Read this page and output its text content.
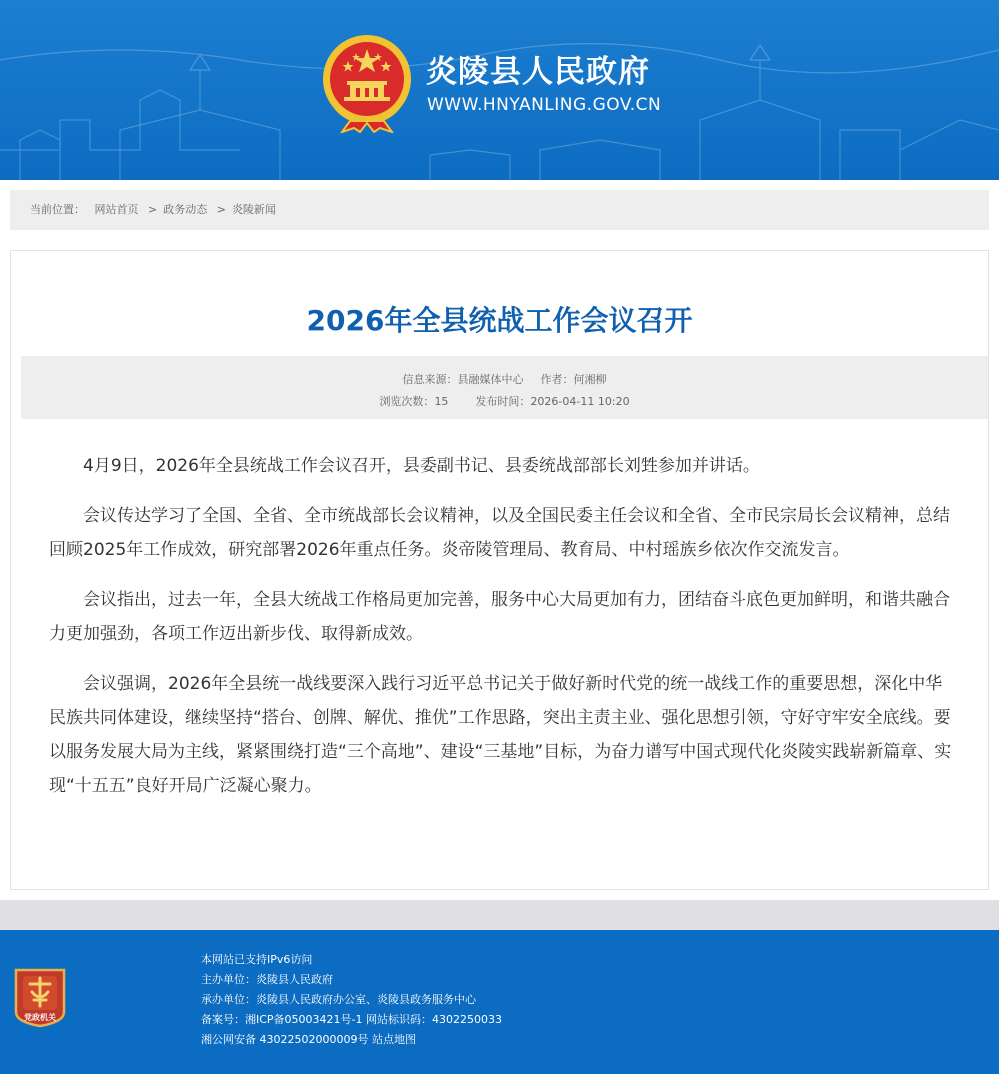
炎陵县人民政府
WWW.HNYANLING.GOV.CN
当前位置： 网站首页 > 政务动态 > 炎陵新闻
2026年全县统战工作会议召开
信息来源：县融媒体中心 作者：何湘柳
浏览次数：15 发布时间：2026-04-11 10:20

4月9日，2026年全县统战工作会议召开，县委副书记、县委统战部部长刘甡参加并讲话。

会议传达学习了全国、全省、全市统战部长会议精神，以及全国民委主任会议和全省、全市民宗局长会议精神，总结回顾2025年工作成效，研究部署2026年重点任务。炎帝陵管理局、教育局、中村瑶族乡依次作交流发言。

会议指出，过去一年，全县大统战工作格局更加完善，服务中心大局更加有力，团结奋斗底色更加鲜明，和谐共融合力更加强劲，各项工作迈出新步伐、取得新成效。

会议强调，2026年全县统一战线要深入践行习近平总书记关于做好新时代党的统一战线工作的重要思想，深化中华民族共同体建设，继续坚持“搭台、创牌、解优、推优”工作思路，突出主责主业、强化思想引领，守好守牢安全底线。要以服务发展大局为主线，紧紧围绕打造“三个高地”、建设“三基地”目标，为奋力谱写中国式现代化炎陵实践崭新篇章、实现“十五五”良好开局广泛凝心聚力。

党政机关
本网站已支持IPv6访问
主办单位：炎陵县人民政府
承办单位：炎陵县人民政府办公室、炎陵县政务服务中心
备案号：湘ICP备05003421号-1 网站标识码：4302250033
湘公网安备 43022502000009号 站点地图
